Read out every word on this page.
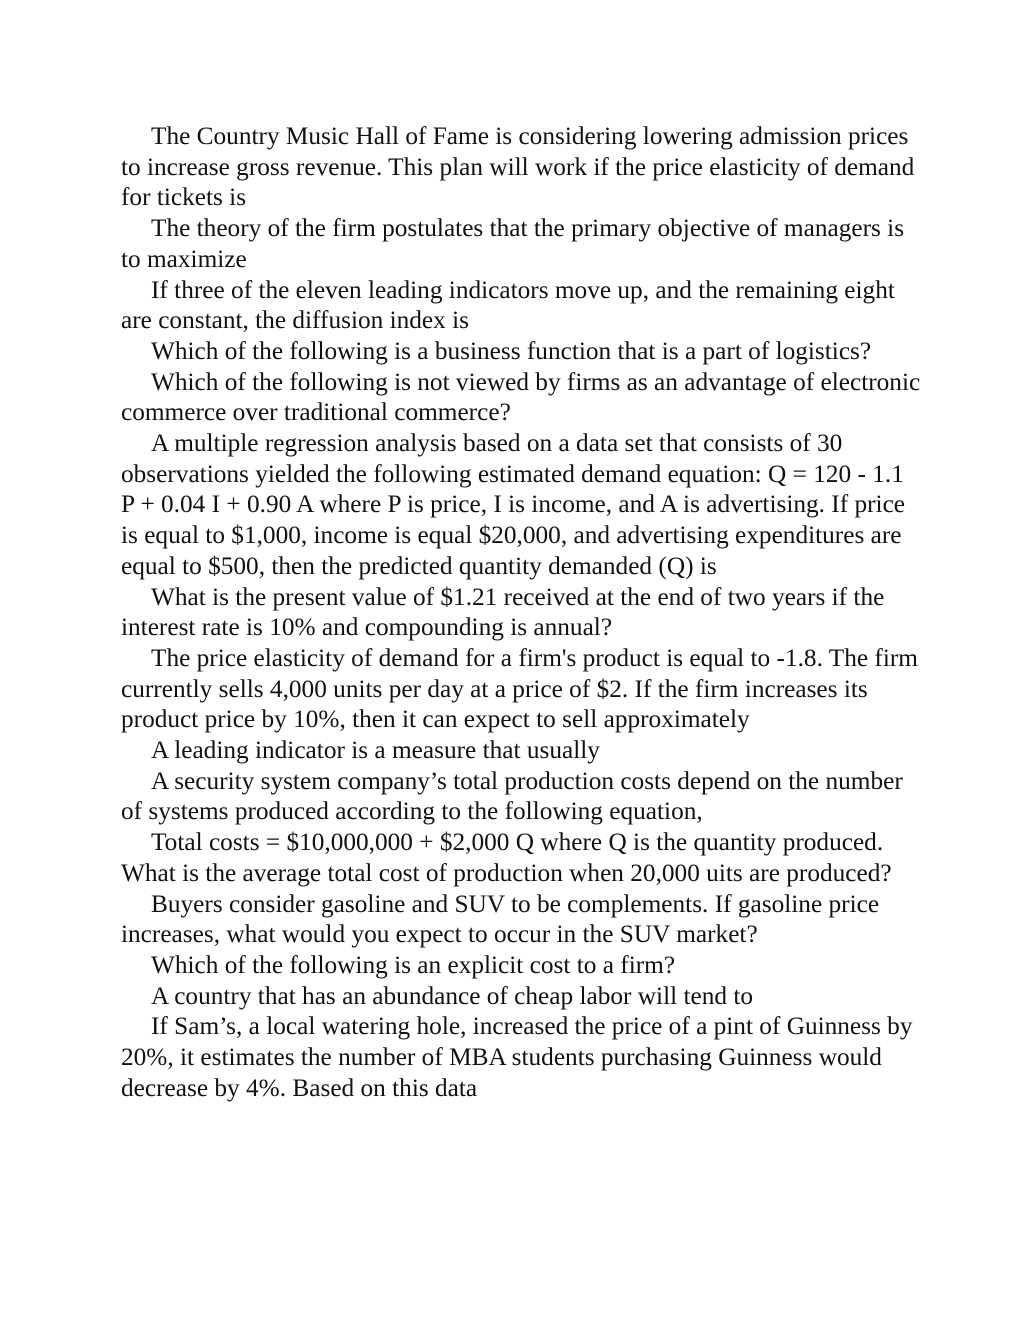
The Country Music Hall of Fame is considering lowering admission prices to increase gross revenue. This plan will work if the price elasticity of demand for tickets is

The theory of the firm postulates that the primary objective of managers is to maximize

If three of the eleven leading indicators move up, and the remaining eight are constant, the diffusion index is

Which of the following is a business function that is a part of logistics?

Which of the following is not viewed by firms as an advantage of electronic commerce over traditional commerce?

A multiple regression analysis based on a data set that consists of 30 observations yielded the following estimated demand equation: Q = 120 - 1.1 P + 0.04 I + 0.90 A where P is price, I is income, and A is advertising. If price is equal to $1,000, income is equal $20,000, and advertising expenditures are equal to $500, then the predicted quantity demanded (Q) is

What is the present value of $1.21 received at the end of two years if the interest rate is 10% and compounding is annual?

The price elasticity of demand for a firm's product is equal to -1.8. The firm currently sells 4,000 units per day at a price of $2. If the firm increases its product price by 10%, then it can expect to sell approximately

A leading indicator is a measure that usually

A security system company’s total production costs depend on the number of systems produced according to the following equation,

Total costs = $10,000,000 + $2,000 Q where Q is the quantity produced. What is the average total cost of production when 20,000 uits are produced?

Buyers consider gasoline and SUV to be complements. If gasoline price increases, what would you expect to occur in the SUV market?

Which of the following is an explicit cost to a firm?

A country that has an abundance of cheap labor will tend to

If Sam’s, a local watering hole, increased the price of a pint of Guinness by 20%, it estimates the number of MBA students purchasing Guinness would decrease by 4%. Based on this data
